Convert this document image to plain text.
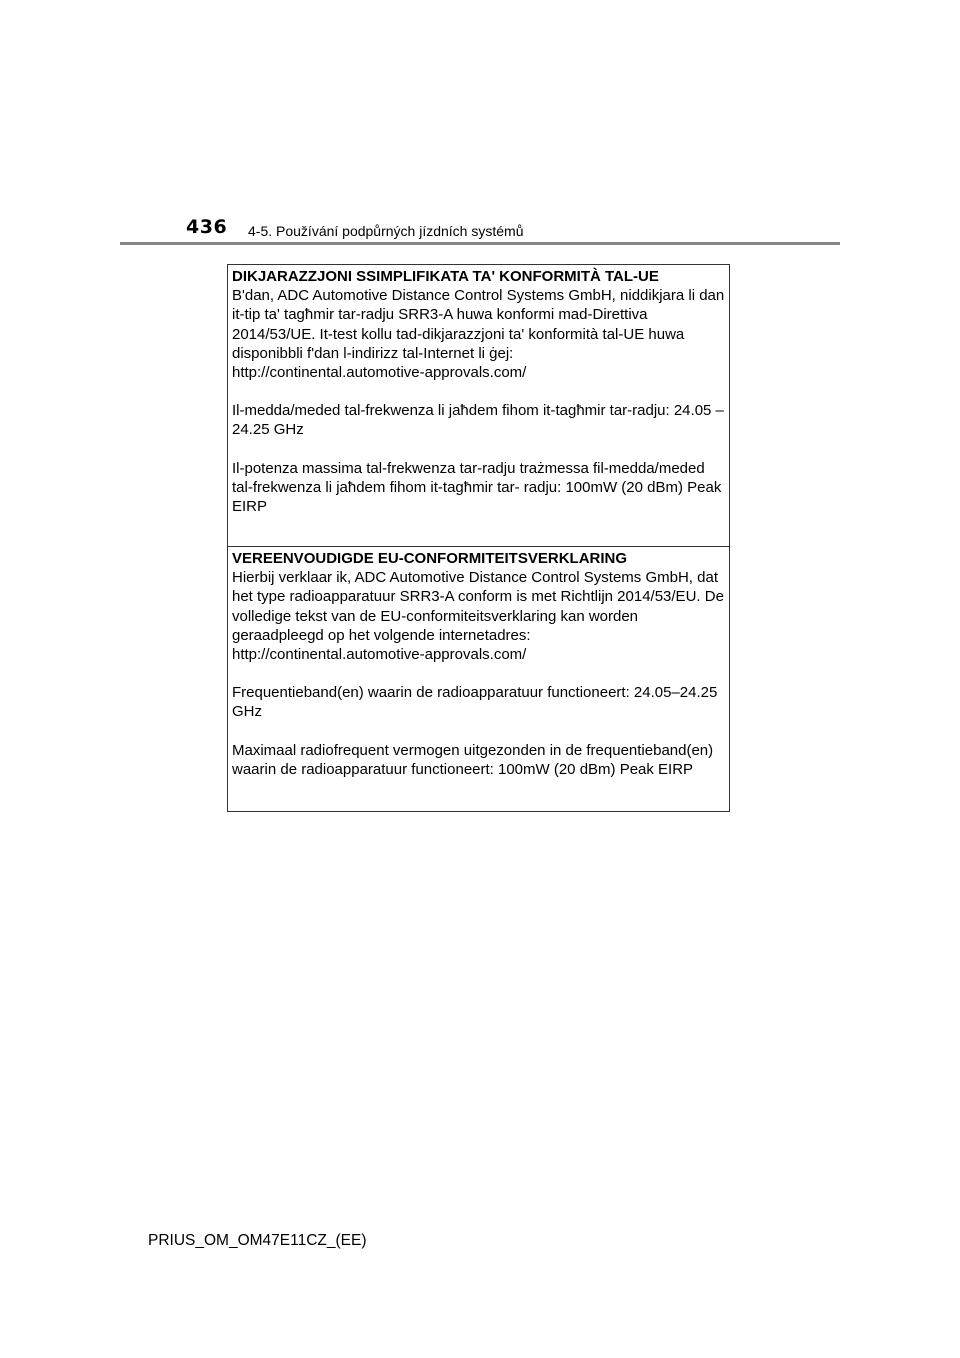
436 4-5. Používání podpůrných jízdních systémů
DIKJARAZZJONI SSIMPLIFIKATA TA' KONFORMITÀ TAL-UE

B'dan, ADC Automotive Distance Control Systems GmbH, niddikjara li dan it-tip ta' tagħmir tar-radju SRR3-A huwa konformi mad-Direttiva 2014/53/UE. It-test kollu tad-dikjarazzjoni ta' konformità tal-UE huwa disponibbli f'dan l-indirizz tal-Internet li ġej:

http://continental.automotive-approvals.com/

Il-medda/meded tal-frekwenza li jaħdem fihom it-tagħmir tar-radju: 24.05 –24.25 GHz

Il-potenza massima tal-frekwenza tar-radju trażmessa fil-medda/meded tal-frekwenza li jaħdem fihom it-tagħmir tar- radju: 100mW (20 dBm) Peak EIRP

VEREENVOUDIGDE EU-CONFORMITEITSVERKLARING

Hierbij verklaar ik, ADC Automotive Distance Control Systems GmbH, dat het type radioapparatuur SRR3-A conform is met Richtlijn 2014/53/EU. De volledige tekst van de EU-conformiteitsverklaring kan worden geraadpleegd op het volgende internetadres:

http://continental.automotive-approvals.com/

Frequentieband(en) waarin de radioapparatuur functioneert: 24.05–24.25 GHz

Maximaal radiofrequent vermogen uitgezonden in de frequentieband(en) waarin de radioapparatuur functioneert: 100mW (20 dBm) Peak EIRP

PRIUS_OM_OM47E11CZ_(EE)
